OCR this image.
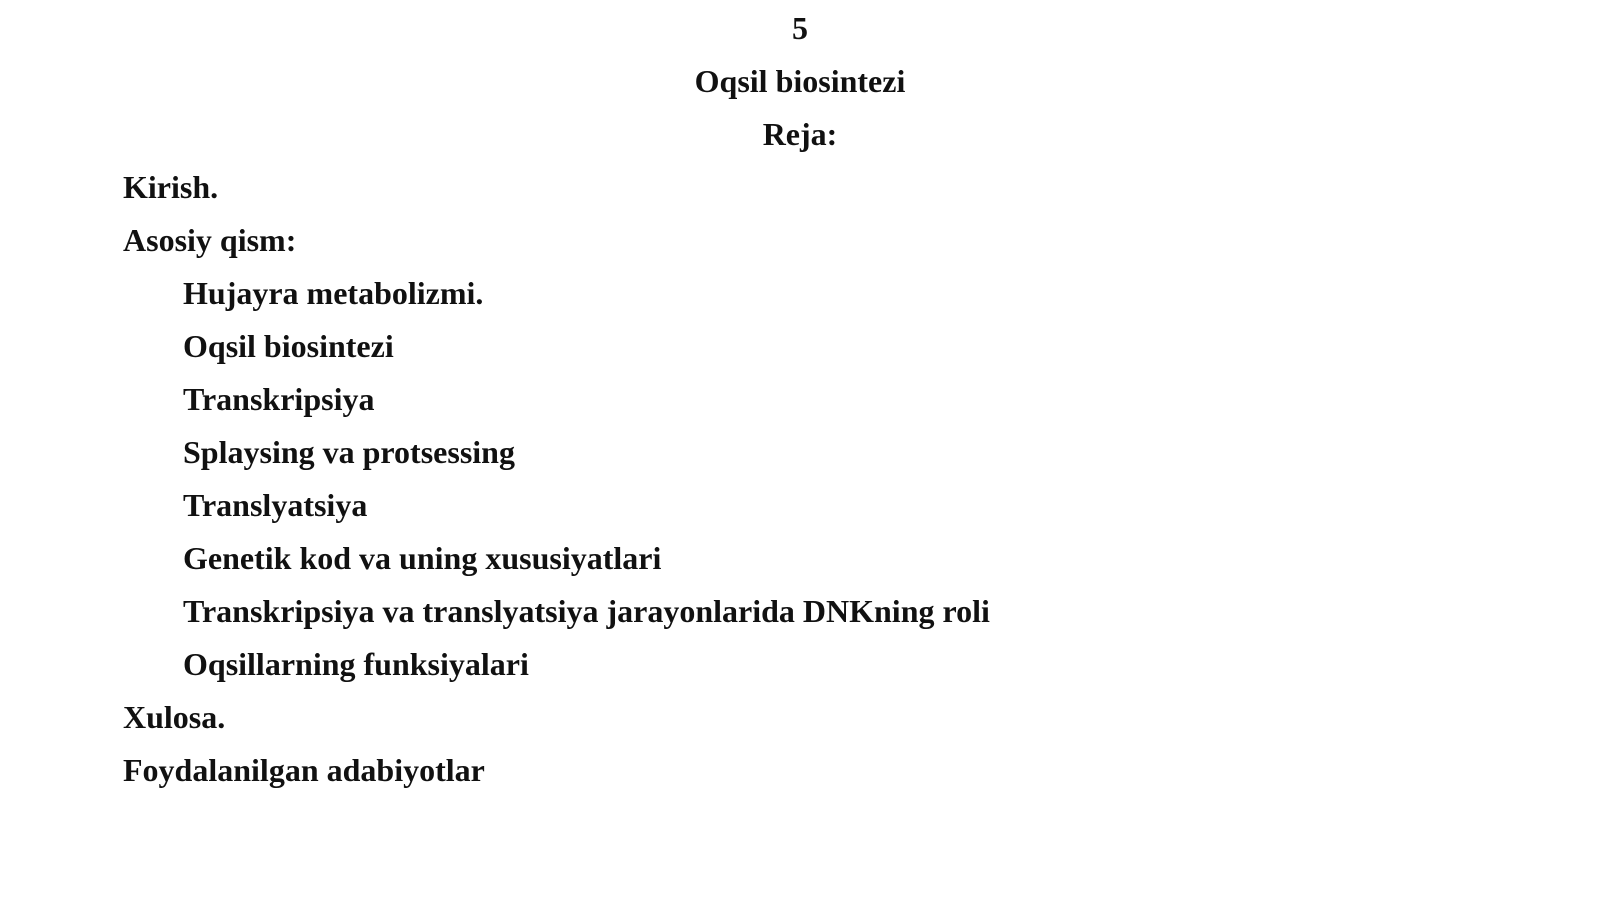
5

Oqsil biosintezi

Reja:

Kirish.

Asosiy qism:

Hujayra metabolizmi.

Oqsil biosintezi

Transkripsiya

Splaysing va protsessing

Translyatsiya

Genetik kod va uning xususiyatlari

Transkripsiya va translyatsiya jarayonlarida DNKning roli

Oqsillarning funksiyalari

Xulosa.

Foydalanilgan adabiyotlar
